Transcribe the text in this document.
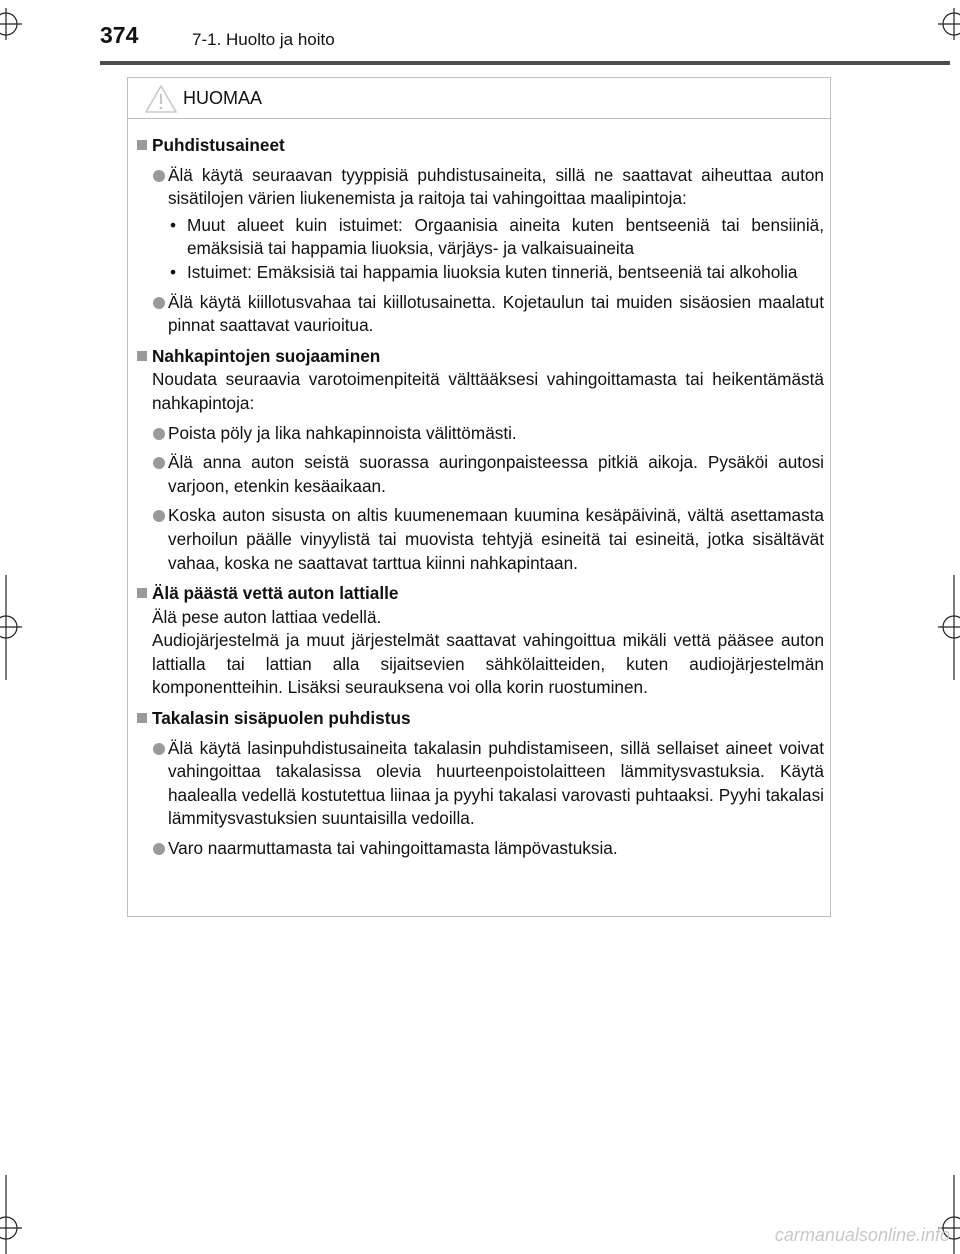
374	7-1. Huolto ja hoito
HUOMAA
Puhdistusaineet
Älä käytä seuraavan tyyppisiä puhdistusaineita, sillä ne saattavat aiheuttaa auton sisätilojen värien liukenemista ja raitoja tai vahingoittaa maalipintoja:
• Muut alueet kuin istuimet: Orgaanisia aineita kuten bentseeniä tai bensiiniä, emäksisiä tai happamia liuoksia, värjäys- ja valkaisuaineita
• Istuimet: Emäksisiä tai happamia liuoksia kuten tinneriä, bentseeniä tai alkoholia
Älä käytä kiillotusvahaa tai kiillotusainetta. Kojetaulun tai muiden sisäosien maalatut pinnat saattavat vaurioitua.
Nahkapintojen suojaaminen
Noudata seuraavia varotoimenpiteitä välttääksesi vahingoittamasta tai heikentämästä nahkapintoja:
Poista pöly ja lika nahkapinnoista välittömästi.
Älä anna auton seistä suorassa auringonpaisteessa pitkiä aikoja. Pysäköi autosi varjoon, etenkin kesäaikaan.
Koska auton sisusta on altis kuumenemaan kuumina kesäpäivinä, vältä asettamasta verhoilun päälle vinyylistä tai muovista tehtyjä esineitä tai esineitä, jotka sisältävät vahaa, koska ne saattavat tarttua kiinni nahkapintaan.
Älä päästä vettä auton lattialle
Älä pese auton lattiaa vedellä.
Audiojärjestelmä ja muut järjestelmät saattavat vahingoittua mikäli vettä pääsee auton lattialla tai lattian alla sijaitsevien sähkölaitteiden, kuten audiojärjestelmän komponentteihin. Lisäksi seurauksena voi olla korin ruostuminen.
Takalasin sisäpuolen puhdistus
Älä käytä lasinpuhdistusaineita takalasin puhdistamiseen, sillä sellaiset aineet voivat vahingoittaa takalasissa olevia huurteenpoistolaitteen lämmitysvastuksia. Käytä haalealla vedellä kostutettua liinaa ja pyyhi takalasi varovasti puhtaaksi. Pyyhi takalasi lämmitysvastuksien suuntaisilla vedoilla.
Varo naarmuttamasta tai vahingoittamasta lämpövastuksia.
carmanualsonline.info
